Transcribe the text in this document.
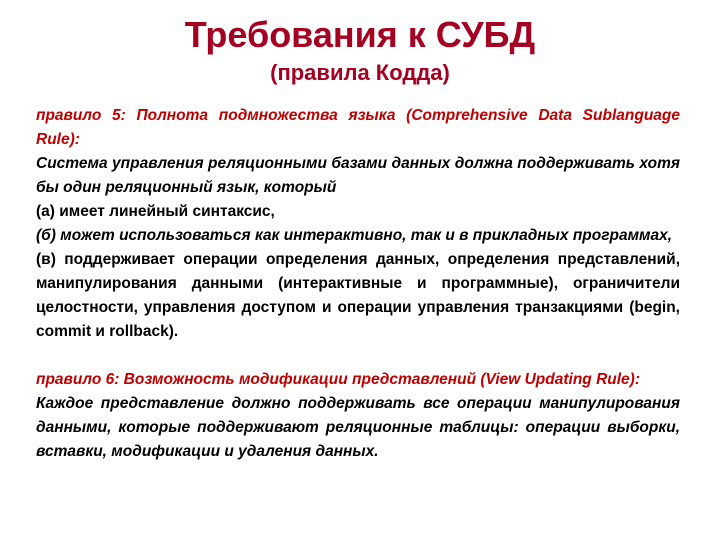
Требования к СУБД
(правила Кодда)

правило 5: Полнота подмножества языка (Comprehensive Data Sublanguage Rule):

Система управления реляционными базами данных должна поддерживать хотя бы один реляционный язык, который

(а) имеет линейный синтаксис,

(б) может использоваться как интерактивно, так и в прикладных программах,

(в) поддерживает операции определения данных, определения представлений, манипулирования данными (интерактивные и программные), ограничители целостности, управления доступом и операции управления транзакциями (begin, commit и rollback).

правило 6: Возможность модификации представлений (View Updating Rule):

Каждое представление должно поддерживать все операции манипулирования данными, которые поддерживают реляционные таблицы: операции выборки, вставки, модификации и удаления данных.
